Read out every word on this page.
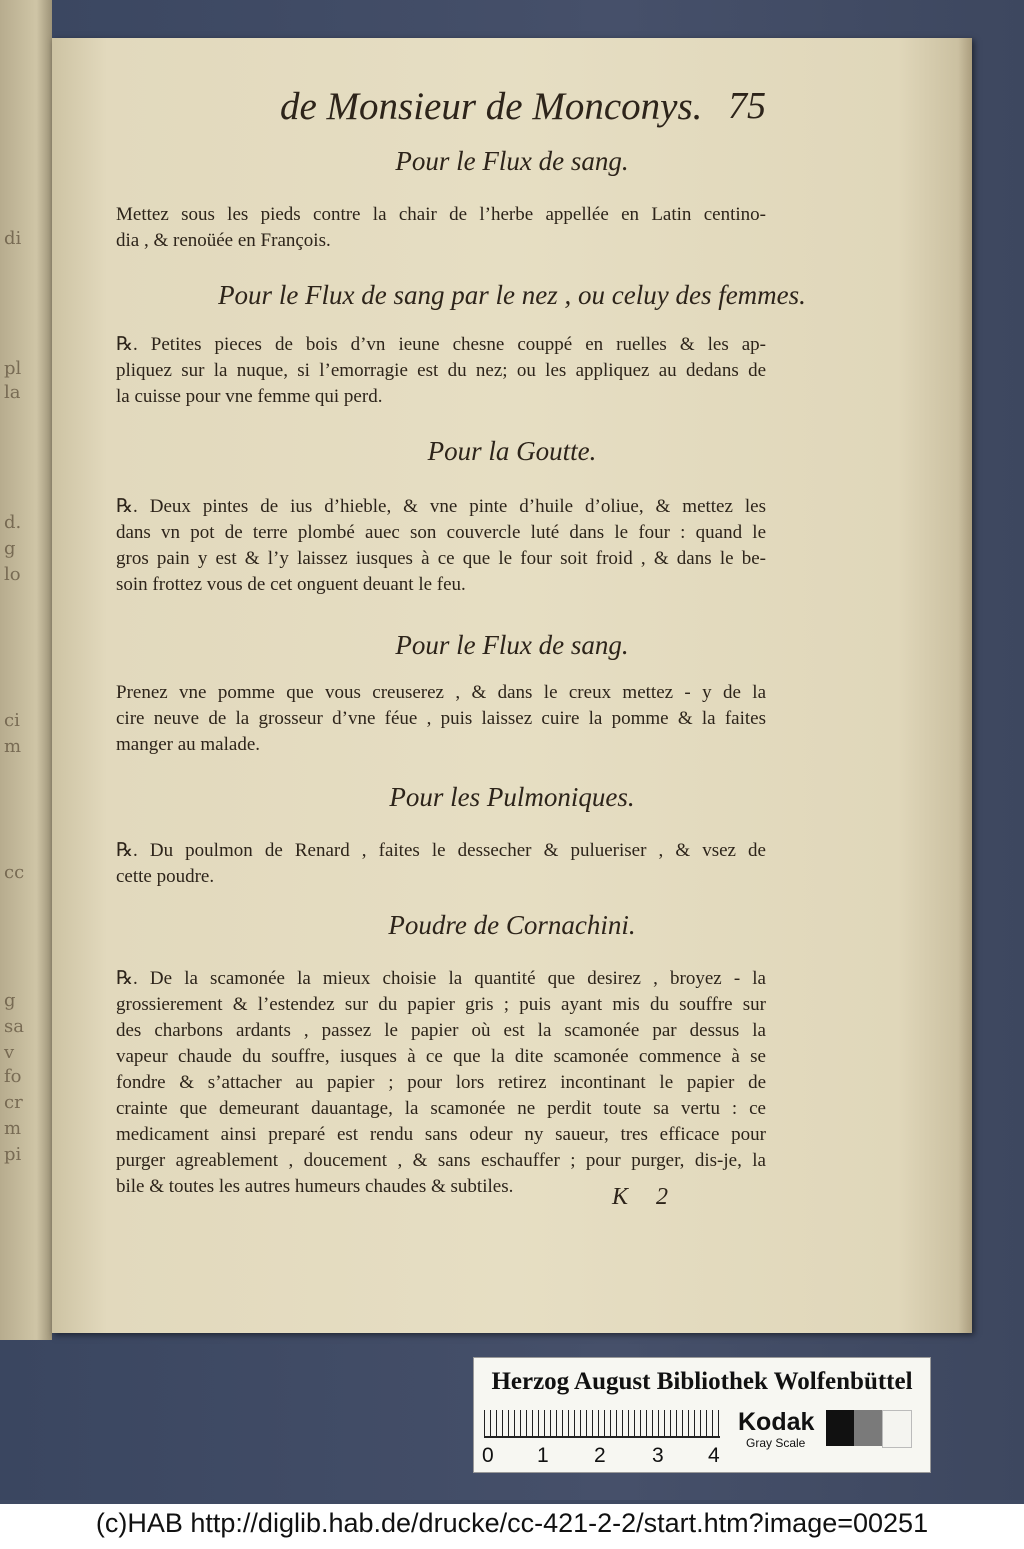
di
pl
la
d.
g
lo
ci
m
cc
g
sa
v
fo
cr
m
pi
de Monsieur de Monconys. 75
Pour le Flux de sang.
Mettez sous les pieds contre la chair de l’herbe appellée en Latin centino-
dia , & renoüée en François.
Pour le Flux de sang par le nez , ou celuy des femmes.
℞. Petites pieces de bois d’vn ieune chesne couppé en ruelles & les ap-
pliquez sur la nuque, si l’emorragie est du nez; ou les appliquez au dedans de
la cuisse pour vne femme qui perd.
Pour la Goutte.
℞. Deux pintes de ius d’hieble, & vne pinte d’huile d’oliue, & mettez les
dans vn pot de terre plombé auec son couvercle luté dans le four : quand le
gros pain y est & l’y laissez iusques à ce que le four soit froid , & dans le be-
soin frottez vous de cet onguent deuant le feu.
Pour le Flux de sang.
Prenez vne pomme que vous creuserez , & dans le creux mettez - y de la
cire neuve de la grosseur d’vne féue , puis laissez cuire la pomme & la faites
manger au malade.
Pour les Pulmoniques.
℞. Du poulmon de Renard , faites le dessecher & pulueriser , & vsez de
cette poudre.
Poudre de Cornachini.
℞. De la scamonée la mieux choisie la quantité que desirez , broyez - la
grossierement & l’estendez sur du papier gris ; puis ayant mis du souffre sur
des charbons ardants , passez le papier où est la scamonée par dessus la
vapeur chaude du souffre, iusques à ce que la dite scamonée commence à se
fondre & s’attacher au papier ; pour lors retirez incontinant le papier de
crainte que demeurant dauantage, la scamonée ne perdit toute sa vertu : ce
medicament ainsi preparé est rendu sans odeur ny saueur, tres efficace pour
purger agreablement , doucement , & sans eschauffer ; pour purger, dis-je, la
bile & toutes les autres humeurs chaudes & subtiles.	K 2
Herzog August Bibliothek Wolfenbüttel
0 1 2 3 4
Kodak
Gray Scale
(c)HAB http://diglib.hab.de/drucke/cc-421-2-2/start.htm?image=00251
